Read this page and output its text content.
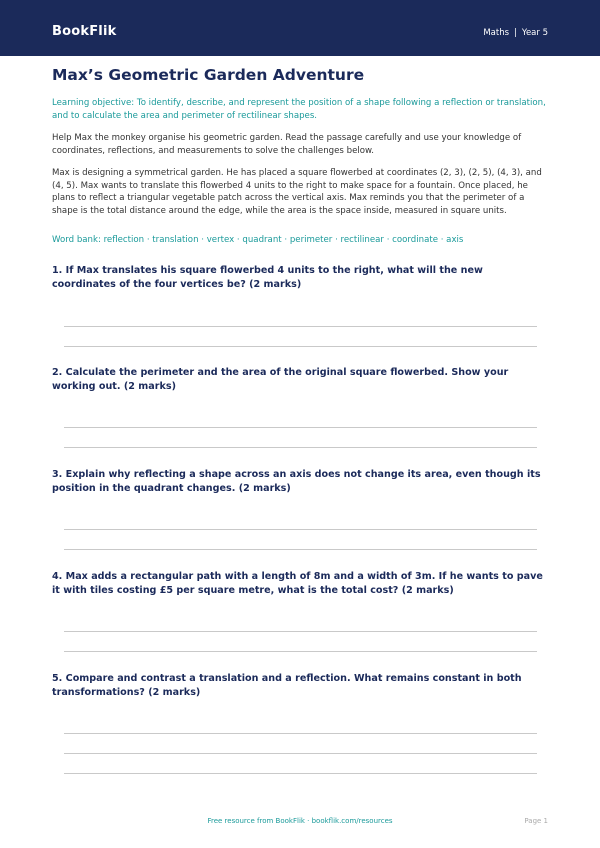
BookFlik	Maths | Year 5
Max’s Geometric Garden Adventure
Learning objective: To identify, describe, and represent the position of a shape following a reflection or translation, and to calculate the area and perimeter of rectilinear shapes.
Help Max the monkey organise his geometric garden. Read the passage carefully and use your knowledge of coordinates, reflections, and measurements to solve the challenges below.
Max is designing a symmetrical garden. He has placed a square flowerbed at coordinates (2, 3), (2, 5), (4, 3), and (4, 5). Max wants to translate this flowerbed 4 units to the right to make space for a fountain. Once placed, he plans to reflect a triangular vegetable patch across the vertical axis. Max reminds you that the perimeter of a shape is the total distance around the edge, while the area is the space inside, measured in square units.
Word bank: reflection · translation · vertex · quadrant · perimeter · rectilinear · coordinate · axis
1. If Max translates his square flowerbed 4 units to the right, what will the new coordinates of the four vertices be? (2 marks)
2. Calculate the perimeter and the area of the original square flowerbed. Show your working out. (2 marks)
3. Explain why reflecting a shape across an axis does not change its area, even though its position in the quadrant changes. (2 marks)
4. Max adds a rectangular path with a length of 8m and a width of 3m. If he wants to pave it with tiles costing £5 per square metre, what is the total cost? (2 marks)
5. Compare and contrast a translation and a reflection. What remains constant in both transformations? (2 marks)
Free resource from BookFlik · bookflik.com/resources	Page 1
